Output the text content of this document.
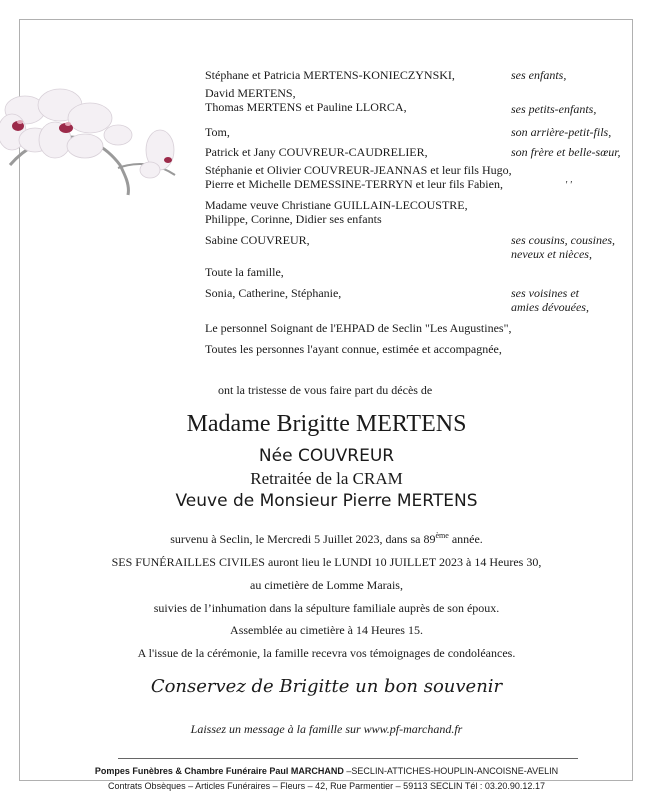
Stéphane et Patricia MERTENS-KONIECZYNSKI,	ses enfants,
David MERTENS,
Thomas MERTENS et Pauline LLORCA,	ses petits-enfants,
Tom,	son arrière-petit-fils,
Patrick et Jany COUVREUR-CAUDRELIER,	son frère et belle-sœur,
Stéphanie et Olivier COUVREUR-JEANNAS et leur fils Hugo,
Pierre et Michelle DEMESSINE-TERRYN et leur fils Fabien,	' '
Madame veuve Christiane GUILLAIN-LECOUSTRE,
Philippe, Corinne, Didier ses enfants
Sabine COUVREUR,	ses cousins, cousines,
neveux et nièces,
Toute la famille,
Sonia, Catherine, Stéphanie,	ses voisines et
amies dévouées,
Le personnel Soignant de l'EHPAD de Seclin "Les Augustines",
Toutes les personnes l'ayant connue, estimée et accompagnée,
ont la tristesse de vous faire part du décès de
Madame Brigitte MERTENS
Née COUVREUR
Retraitée de la CRAM
Veuve de Monsieur Pierre MERTENS
survenu à Seclin, le Mercredi 5 Juillet 2023, dans sa 89ème année.
SES FUNÉRAILLES CIVILES auront lieu le LUNDI 10 JUILLET 2023 à 14 Heures 30,
au cimetière de Lomme Marais,
suivies de l’inhumation dans la sépulture familiale auprès de son époux.
Assemblée au cimetière à 14 Heures 15.
A l'issue de la cérémonie, la famille recevra vos témoignages de condoléances.
Conservez de Brigitte un bon souvenir
Laissez un message à la famille sur www.pf-marchand.fr
Pompes Funèbres & Chambre Funéraire Paul MARCHAND –SECLIN-ATTICHES-HOUPLIN-ANCOISNE-AVELIN
Contrats Obsèques – Articles Funéraires – Fleurs – 42, Rue Parmentier – 59113 SECLIN Tél : 03.20.90.12.17
